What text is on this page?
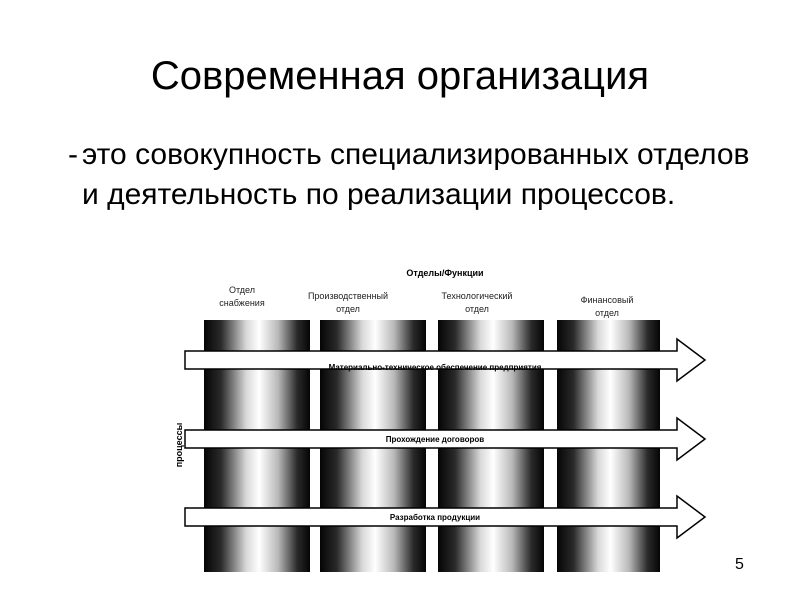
Современная организация
- это совокупность специализированных отделов и деятельность по реализации процессов.
Отделы/Функции
Отдел
снабжения
Производственный
отдел
Технологический
отдел
Финансовый
отдел
процессы
Материально-техническое обеспечение предприятия
Прохождение договоров
Разработка продукции
5
